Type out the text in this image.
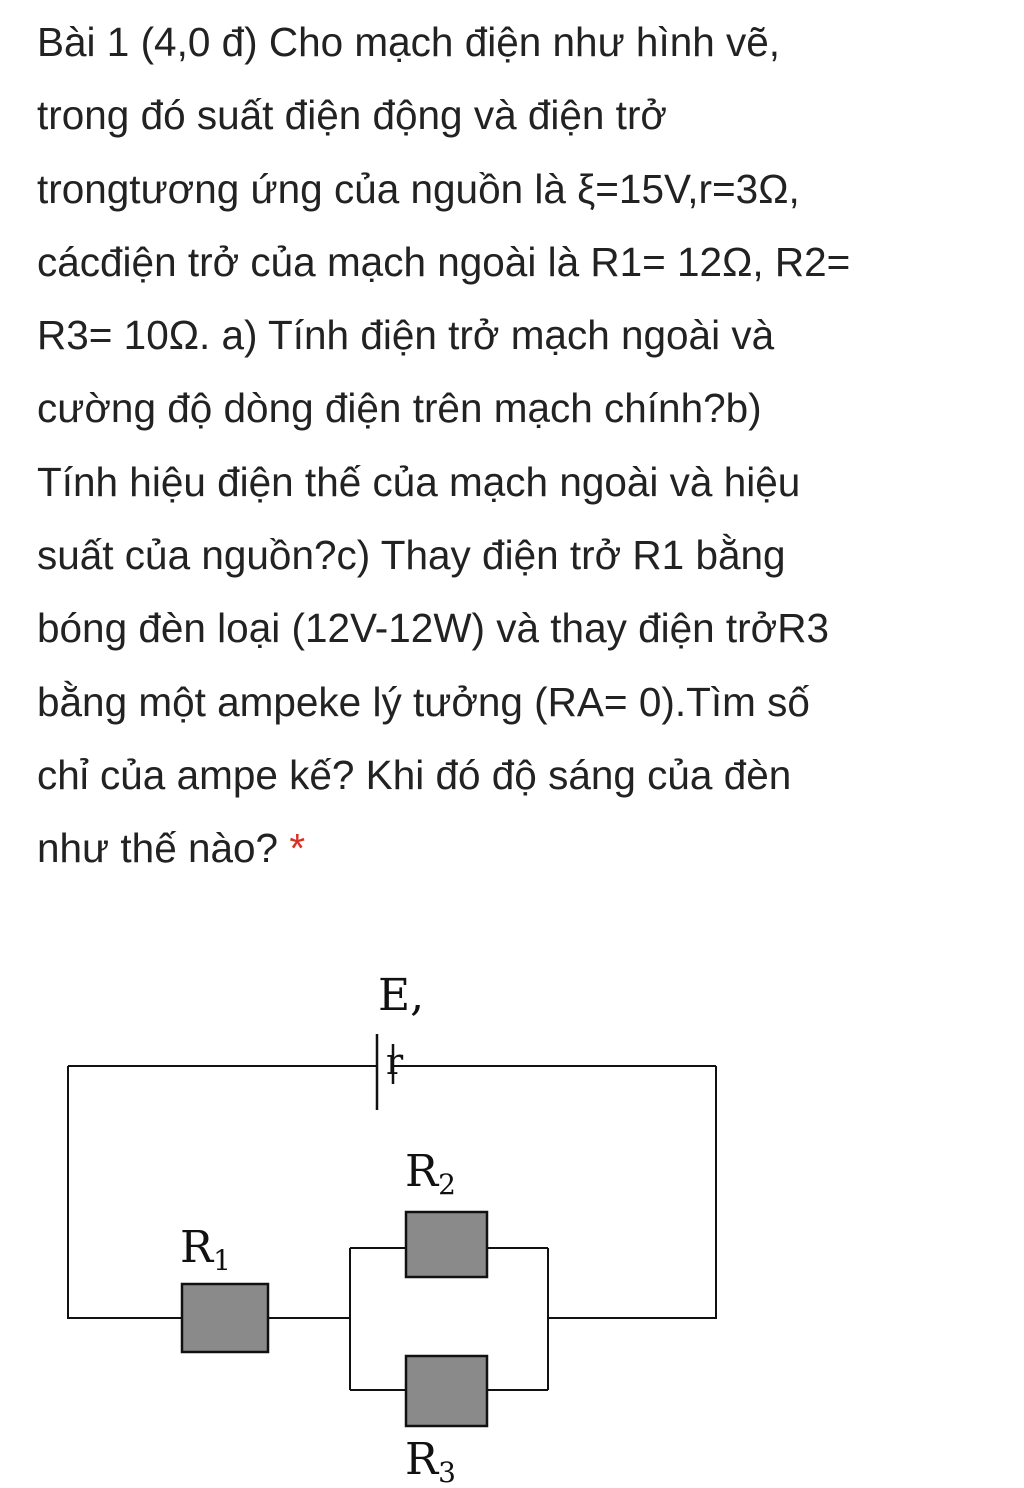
Bài 1 (4,0 đ) Cho mạch điện như hình vẽ,
trong đó suất điện động và điện trở
trongtương ứng của nguồn là ξ=15V,r=3Ω,
cácđiện trở của mạch ngoài là R1= 12Ω, R2=
R3= 10Ω. a) Tính điện trở mạch ngoài và
cường độ dòng điện trên mạch chính?b)
Tính hiệu điện thế của mạch ngoài và hiệu
suất của nguồn?c) Thay điện trở R1 bằng
bóng đèn loại (12V-12W) và thay điện trởR3
bằng một ampeke lý tưởng (RA= 0).Tìm số
chỉ của ampe kế? Khi đó độ sáng của đèn
như thế nào? *
E,
r
R1
R2
R3
